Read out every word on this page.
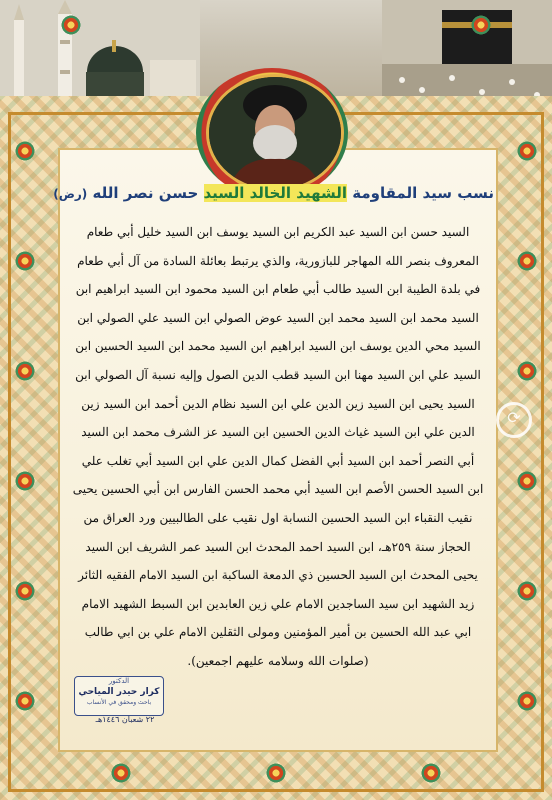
نسب سيد المقاومة الشهيد الخالد السيد حسن نصر الله (رض)
السيد حسن ابن السيد عبد الكريم ابن السيد يوسف ابن السيد خليل أبي طعام
المعروف بنصر الله المهاجر للبازورية، والذي يرتبط بعائلة السادة من آل أبي طعام
في بلدة الطيبة ابن السيد طالب أبي طعام ابن السيد محمود ابن السيد ابراهيم ابن
السيد محمد ابن السيد محمد ابن السيد عوض الصولي ابن السيد علي الصولي ابن
السيد محي الدين يوسف ابن السيد ابراهيم ابن السيد محمد ابن السيد الحسين ابن
السيد علي ابن السيد مهنا ابن السيد قطب الدين الصول وإليه نسبة آل الصولي ابن
السيد يحيى ابن السيد زين الدين علي ابن السيد نظام الدين أحمد ابن السيد زين
الدين علي ابن السيد غياث الدين الحسين ابن السيد عز الشرف محمد ابن السيد
أبي النصر أحمد ابن السيد أبي الفضل كمال الدين علي ابن السيد أبي تغلب علي
ابن السيد الحسن الأصم ابن السيد أبي محمد الحسن الفارس ابن أبي الحسين يحيى
نقيب النقباء ابن السيد الحسين النسابة اول نقيب على الطالبيين ورد العراق من
الحجاز سنة ٢٥٩هـ، ابن السيد احمد المحدث ابن السيد عمر الشريف ابن السيد
يحيى المحدث ابن السيد الحسين ذي الدمعة الساكبة ابن السيد الامام الفقيه الثائر
زيد الشهيد ابن سيد الساجدين الامام علي زين العابدين ابن السبط الشهيد الامام
ابي عبد الله الحسين بن أمير المؤمنين ومولى الثقلين الامام علي بن ابي طالب
(صلوات الله وسلامه عليهم اجمعين).
الدكتور
كرار حيدر المياحي
باحث ومحقق في الأنساب
٢٢ شعبان ١٤٤٦هـ
⟳
